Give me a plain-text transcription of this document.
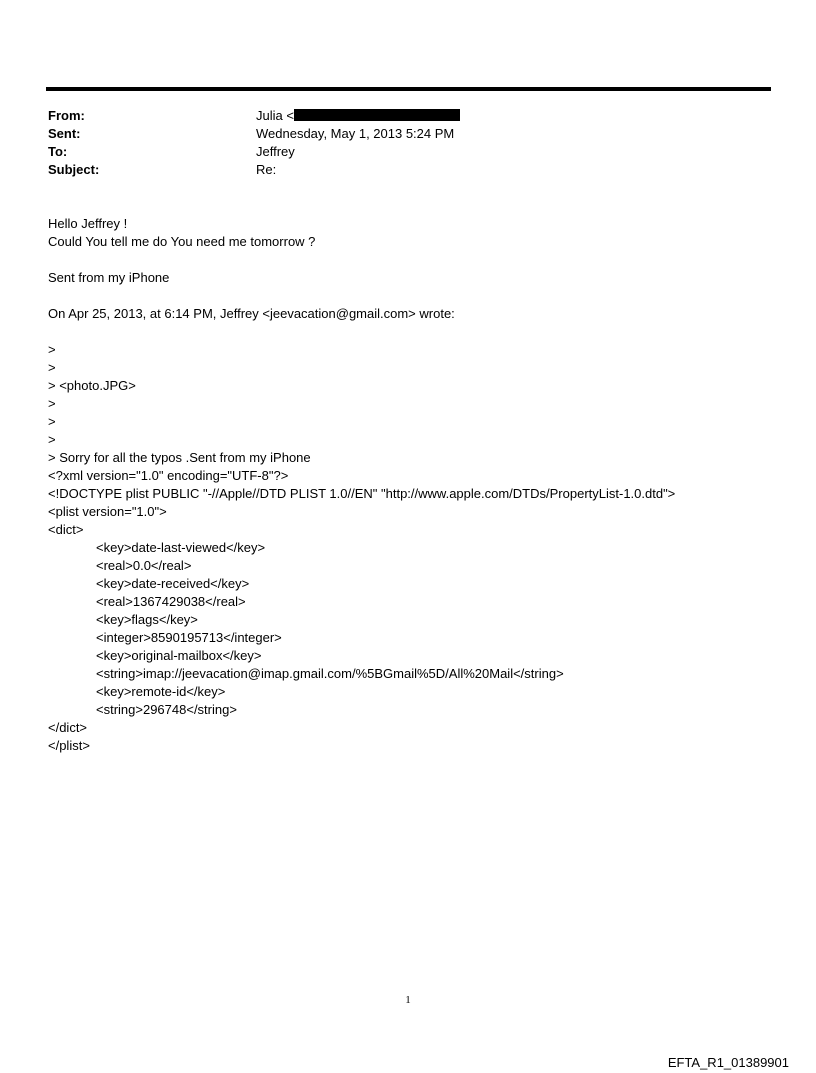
From:	Julia <
Sent:	Wednesday, May 1, 2013 5:24 PM
To:	Jeffrey
Subject:	Re:
Hello Jeffrey !
Could You tell me do You need me tomorrow ?
Sent from my iPhone
On Apr 25, 2013, at 6:14 PM, Jeffrey <jeevacation@gmail.com> wrote:
>
>
> <photo.JPG>
>
>
>
> Sorry for all the typos .Sent from my iPhone
<?xml version="1.0" encoding="UTF-8"?>
<!DOCTYPE plist PUBLIC "-//Apple//DTD PLIST 1.0//EN" "http://www.apple.com/DTDs/PropertyList-1.0.dtd">
<plist version="1.0">
<dict>
<key>date-last-viewed</key>
<real>0.0</real>
<key>date-received</key>
<real>1367429038</real>
<key>flags</key>
<integer>8590195713</integer>
<key>original-mailbox</key>
<string>imap://jeevacation@imap.gmail.com/%5BGmail%5D/All%20Mail</string>
<key>remote-id</key>
<string>296748</string>
</dict>
</plist>
1
EFTA_R1_01389901
